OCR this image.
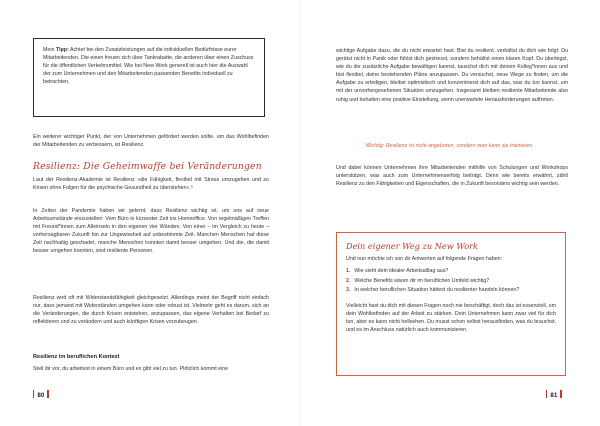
Mein Tipp: Achtet bei den Zusatzleistungen auf die individuellen Bedürfnisse eurer Mitarbeitenden. Die einen freuen sich über Tankrabatte, die anderen über einen Zuschuss für die öffentlichen Verkehrsmittel. Wie bei New Work generell ist auch hier die Auswahl der zum Unternehmen und den Mitarbeitenden passenden Benefits individuell zu betrachten.
Ein weiterer wichtiger Punkt, der von Unternehmen gefördert werden sollte, um das Wohlbefinden der Mitarbeitenden zu verbessern, ist Resilienz.
Resilienz: Die Geheimwaffe bei Veränderungen
Laut der Resilienz-Akademie ist Resilienz »die Fähigkeit, flexibel mit Stress umzugehen und so Krisen ohne Folgen für die psychische Gesundheit zu überstehen«.⁵
In Zeiten der Pandemie haben wir gelernt, dass Resilienz wichtig ist, um uns auf neue Arbeitsumstände einzustellen: Vom Büro in kürzester Zeit ins Homeoffice. Von regelmäßigen Treffen mit Freund*innen zum Alleinsein in den eigenen vier Wänden. Von einer – im Vergleich zu heute – vorhersagbaren Zukunft hin zur Ungewissheit auf unbestimmte Zeit. Manchen Menschen hat diese Zeit nachhaltig geschadet, manche Menschen konnten damit besser umgehen. Und die, die damit besser umgehen konnten, sind resiliente Personen.
Resilienz wird oft mit Widerstandsfähigkeit gleichgesetzt. Allerdings meint der Begriff nicht einfach nur, dass jemand mit Widerständen umgehen kann oder robust ist. Vielmehr geht es darum, sich an die Veränderungen, die durch Krisen entstehen, anzupassen, das eigene Verhalten bei Bedarf zu reflektieren und zu verändern und auch künftigen Krisen vorzubeugen.
Resilienz im beruflichen Kontext
Stell dir vor, du arbeitest in einem Büro und es gibt viel zu tun. Plötzlich kommt eine
80
wichtige Aufgabe dazu, die du nicht erwartet hast. Bist du resilient, verhältst du dich wie folgt: Du gerätst nicht in Panik oder fühlst dich gestresst, sondern behältst einen klaren Kopf. Du überlegst, wie du die zusätzliche Aufgabe bewältigen kannst, tauschst dich mit deinen Kolleg*innen aus und bist flexibel, deine bestehenden Pläne anzupassen. Du versuchst, neue Wege zu finden, um die Aufgabe zu erledigen, bleibst optimistisch und konzentrierst dich auf das, was du tun kannst, um mit der unvorhergesehenen Situation umzugehen. Insgesamt bleiben resiliente Mitarbeitende also ruhig und behalten eine positive Einstellung, wenn unerwartete Herausforderungen auftreten.
Wichtig: Resilienz ist nicht angeboren, sondern man kann sie trainieren.
Und dabei können Unternehmen ihre Mitarbeitenden mithilfe von Schulungen und Workshops unterstützen, was auch zum Unternehmenserfolg beiträgt. Denn wie bereits erwähnt, zählt Resilienz zu den Fähigkeiten und Eigenschaften, die in Zukunft besonders wichtig sein werden.
Dein eigener Weg zu New Work
Und nun möchte ich von dir Antworten auf folgende Fragen haben:
1. Wie sieht dein idealer Arbeitsalltag aus?
2. Welche Benefits wären dir im beruflichen Umfeld wichtig?
3. In welcher beruflichen Situation hättest du resilienter handeln können?
Vielleicht hast du dich mit diesen Fragen noch nie beschäftigt, doch das ist essenziell, um dein Wohlbefinden auf der Arbeit zu stärken. Dein Unternehmen kann zwar viel für dich tun, aber es kann nicht hellsehen. Du musst schon selbst herausfinden, was du brauchst, und es im Anschluss natürlich auch kommunizieren.
81
